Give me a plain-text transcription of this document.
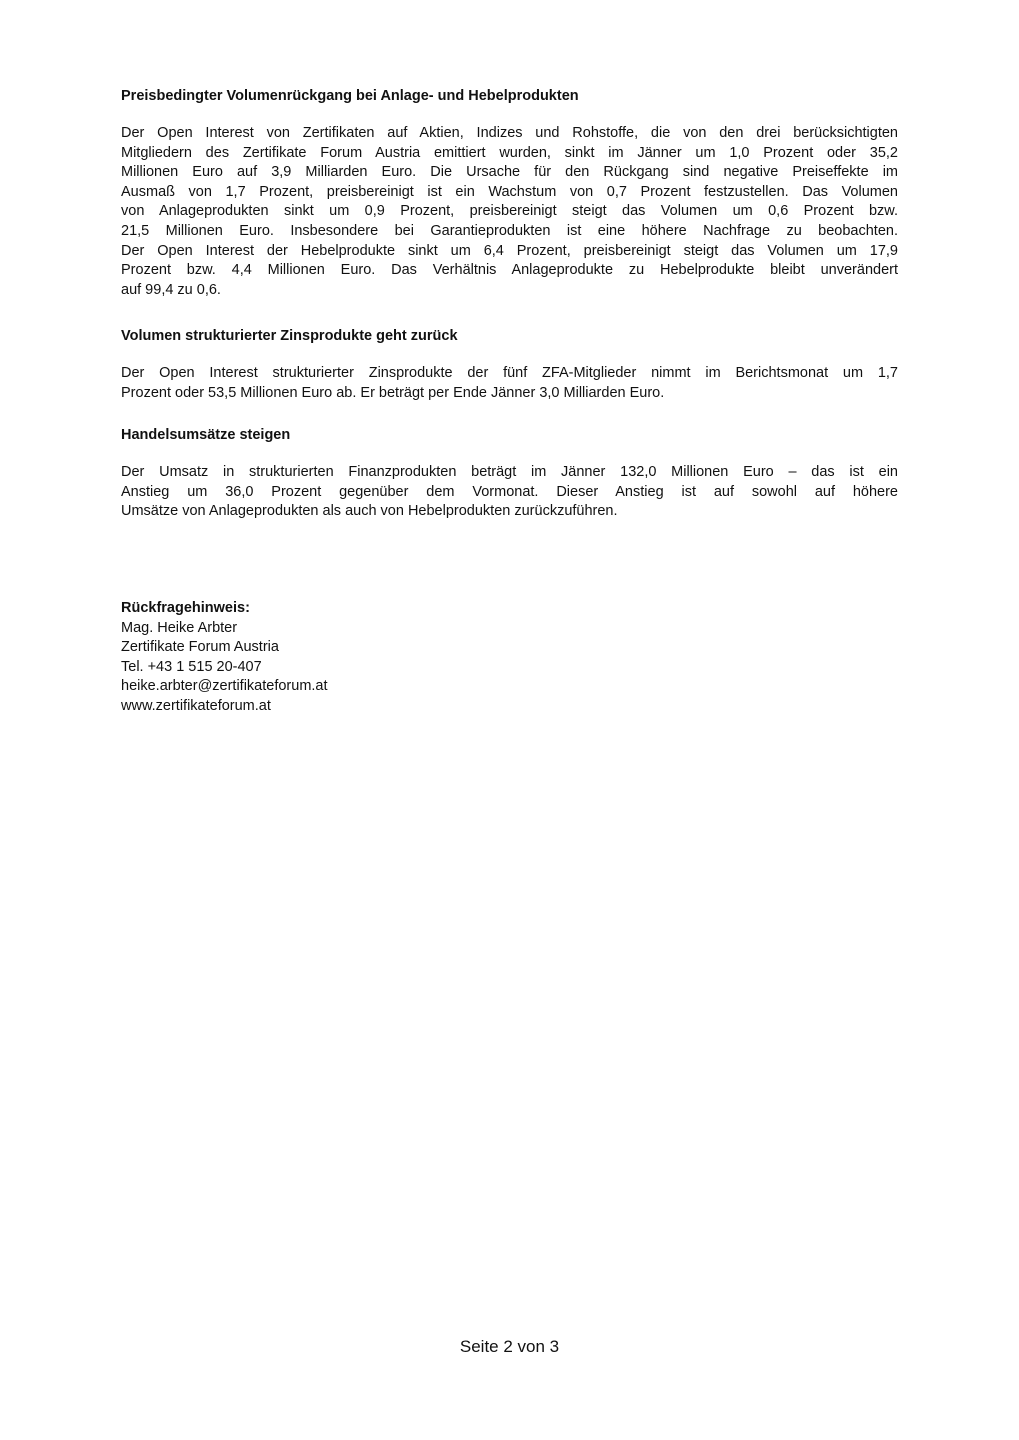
Preisbedingter Volumenrückgang bei Anlage- und Hebelprodukten
Der Open Interest von Zertifikaten auf Aktien, Indizes und Rohstoffe, die von den drei berücksichtigten
Mitgliedern des Zertifikate Forum Austria emittiert wurden, sinkt im Jänner um 1,0 Prozent oder 35,2
Millionen Euro auf 3,9 Milliarden Euro. Die Ursache für den Rückgang sind negative Preiseffekte im
Ausmaß von 1,7 Prozent, preisbereinigt ist ein Wachstum von 0,7 Prozent festzustellen. Das Volumen
von Anlageprodukten sinkt um 0,9 Prozent, preisbereinigt steigt das Volumen um 0,6 Prozent bzw.
21,5 Millionen Euro. Insbesondere bei Garantieprodukten ist eine höhere Nachfrage zu beobachten.
Der Open Interest der Hebelprodukte sinkt um 6,4 Prozent, preisbereinigt steigt das Volumen um 17,9
Prozent bzw. 4,4 Millionen Euro. Das Verhältnis Anlageprodukte zu Hebelprodukte bleibt unverändert
auf 99,4 zu 0,6.
Volumen strukturierter Zinsprodukte geht zurück
Der Open Interest strukturierter Zinsprodukte der fünf ZFA-Mitglieder nimmt im Berichtsmonat um 1,7
Prozent oder 53,5 Millionen Euro ab. Er beträgt per Ende Jänner 3,0 Milliarden Euro.
Handelsumsätze steigen
Der Umsatz in strukturierten Finanzprodukten beträgt im Jänner 132,0 Millionen Euro – das ist ein
Anstieg um 36,0 Prozent gegenüber dem Vormonat. Dieser Anstieg ist auf sowohl auf höhere
Umsätze von Anlageprodukten als auch von Hebelprodukten zurückzuführen.
Rückfragehinweis:
Mag. Heike Arbter
Zertifikate Forum Austria
Tel. +43 1 515 20-407
heike.arbter@zertifikateforum.at
www.zertifikateforum.at
Seite 2 von 3
